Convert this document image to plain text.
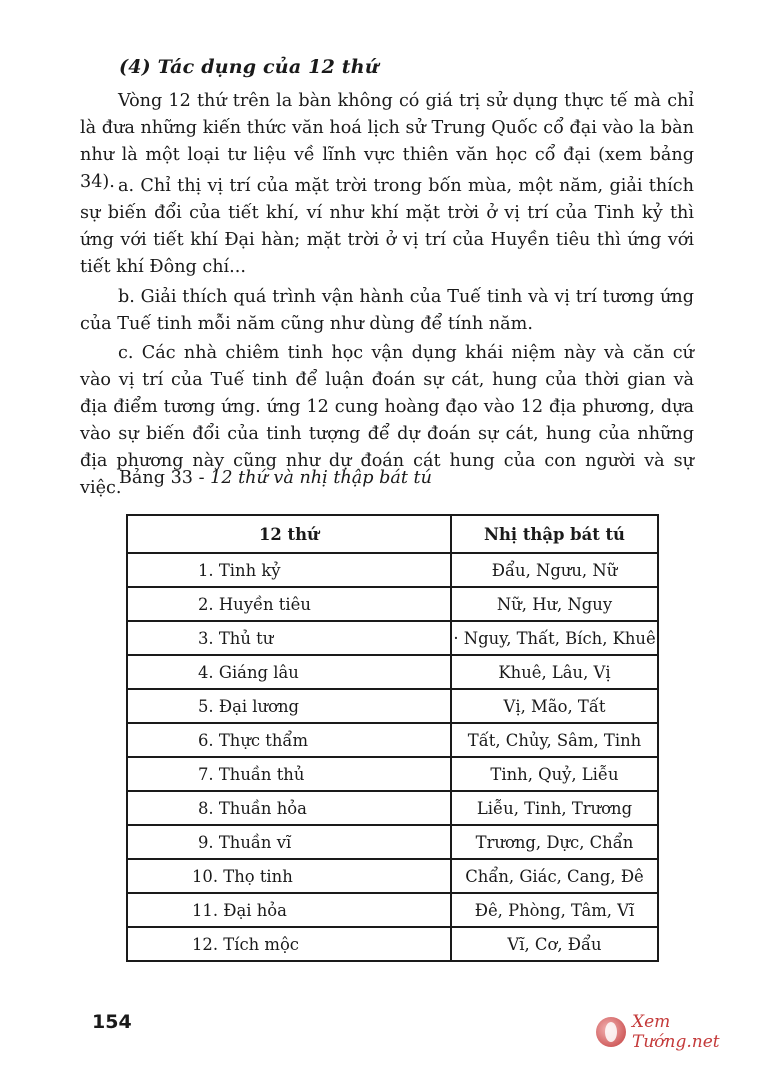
(4) Tác dụng của 12 thứ

Vòng 12 thứ trên la bàn không có giá trị sử dụng thực tế mà chỉ là đưa những kiến thức văn hoá lịch sử Trung Quốc cổ đại vào la bàn như là một loại tư liệu về lĩnh vực thiên văn học cổ đại (xem bảng 34). a. Chỉ thị vị trí của mặt trời trong bốn mùa, một năm, giải thích sự biến đổi của tiết khí, ví như khí mặt trời ở vị trí của Tinh kỷ thì ứng với tiết khí Đại hàn; mặt trời ở vị trí của Huyền tiêu thì ứng với tiết khí Đông chí...

b. Giải thích quá trình vận hành của Tuế tinh và vị trí tương ứng của Tuế tinh mỗi năm cũng như dùng để tính năm.

c. Các nhà chiêm tinh học vận dụng khái niệm này và căn cứ vào vị trí của Tuế tinh để luận đoán sự cát, hung của thời gian và địa điểm tương ứng. ứng 12 cung hoàng đạo vào 12 địa phương, dựa vào sự biến đổi của tinh tượng để dự đoán sự cát, hung của những địa phương này cũng như dự đoán cát hung của con người và sự việc.

Bảng 33 - 12 thứ và nhị thập bát tú
12 thứ	Nhị thập bát tú
1. Tinh kỷ	Đẩu, Ngưu, Nữ
2. Huyền tiêu	Nữ, Hư, Nguy
3. Thủ tư	· Nguy, Thất, Bích, Khuê
4. Giáng lâu	Khuê, Lâu, Vị
5. Đại lương	Vị, Mão, Tất
6. Thực thẩm	Tất, Chủy, Sâm, Tinh
7. Thuần thủ	Tinh, Quỷ, Liễu
8. Thuần hỏa	Liễu, Tinh, Trương
9. Thuần vĩ	Trương, Dực, Chẩn
10. Thọ tinh	Chẩn, Giác, Cang, Đê
11. Đại hỏa	Đê, Phòng, Tâm, Vĩ
12. Tích mộc	Vĩ, Cơ, Đẩu
154	Xem Tướng.net
